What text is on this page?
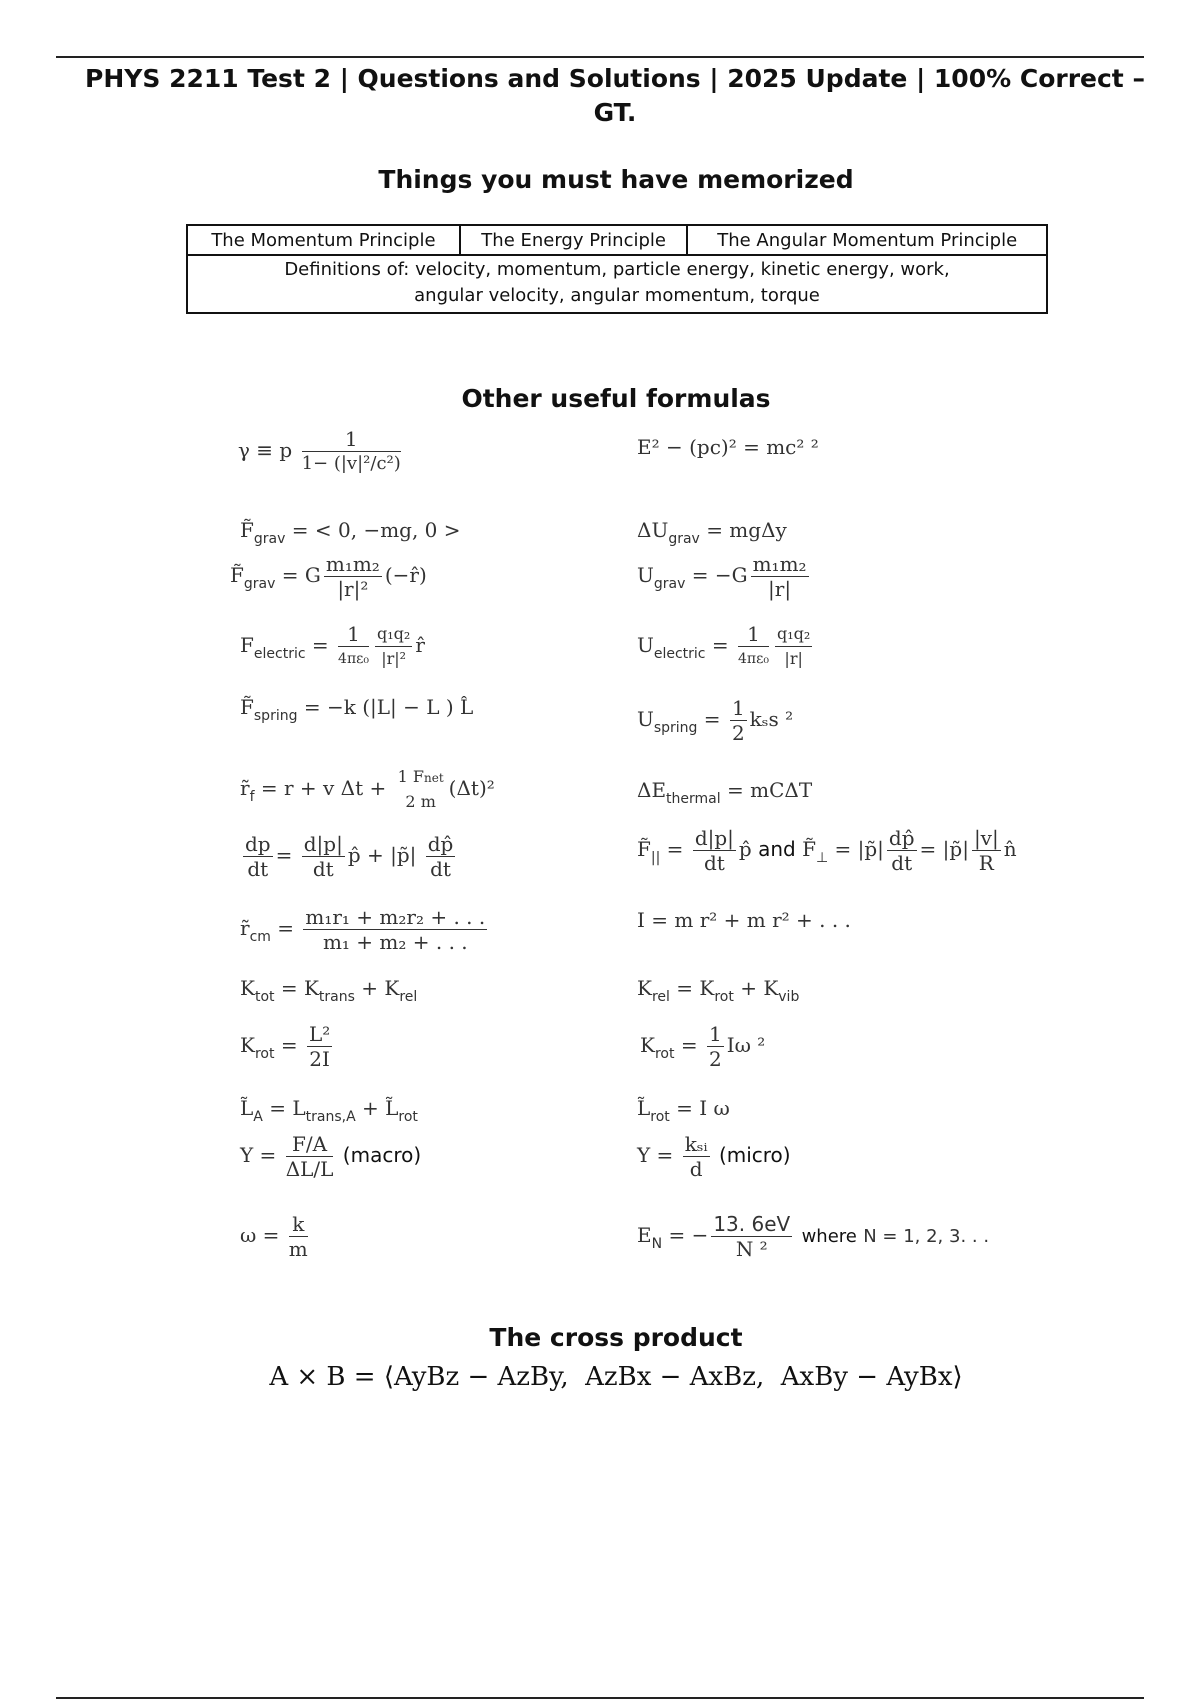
PHYS 2211 Test 2 | Questions and Solutions | 2025 Update | 100% Correct – GT.
Things you must have memorized
The Momentum Principle	The Energy Principle	The Angular Momentum Principle
Definitions of: velocity, momentum, particle energy, kinetic energy, work,
angular velocity, angular momentum, torque
Other useful formulas
γ ≡ p $\frac{1}{\text{1− (|v|²/c²)}}$
$F̃_{grav}$ = < 0, −mg, 0 >
$F̃_{grav} = G \frac{\text{m₁m₂}}{\text{|r|²}}$ (−r̂)
$F_{electric} = 1$
$4\pi\varepsilon_0 \frac{\text{q₁q₂}}{\text{|r|²}}$ r̂
$F̃_{spring} = -k$ (|L| − L ) L̂
$r̃_f = r + v$ Δt + 1 Fnet
2 m
(Δt)²
$\frac{dp}{dt} = \frac{d|p|}{dt}$ p̂ + |p̃| $\frac{dp̂}{dt}$
$r̃_{cm} = \frac{\text{m₁r₁ + m₂r₂ + . . .}}{\text{m₁ + m₂ + . . .}}$
$K_{tot} = K_{trans} + K_{rel}$
$K_{rot} = \frac{\text{L²}}{2I}$
$L̃_A = L_{trans,A}$ + $L̃_{rot}$
$Y = \frac{F/A}{\Delta L/L}$ (macro)
$\omega = \frac{k}{m}$
E² − (pc)² = mc² ²
$\Delta U_{grav} = mg\Delta y$
$U_{grav} = -G \frac{\text{m₁m₂}}{|r|}$
$U_{electric} = 1$
$4\pi\varepsilon_0 \frac{\text{q₁q₂}}{|r|}$
$U_{spring} = \frac{1}{2}$ kₛs ²
$\Delta E_{thermal} = mC\Delta T$
$F̃_{||} = \frac{d|p|}{dt}$ p̂ and $F̃_\perp$ = |p̃| $\frac{dp̂}{dt}$ = |p̃| $\frac{|v|}{R}$ n̂
I = m r² + m r² + . . .
$K_{rel} = K_{rot} + K_{vib}$
$K_{rot} = \frac{1}{2}$ Iω ²
$L̃_{rot} = I$ ω
Y = kₛᵢ
d
(micro)
$E_N$ = − $\frac{13. 6eV}{\text{N ²}}$ where N = 1, 2, 3. . .
The cross product
A × B = ⟨AyBz − AzBy,  AzBx − AxBz,  AxBy − AyBx⟩
